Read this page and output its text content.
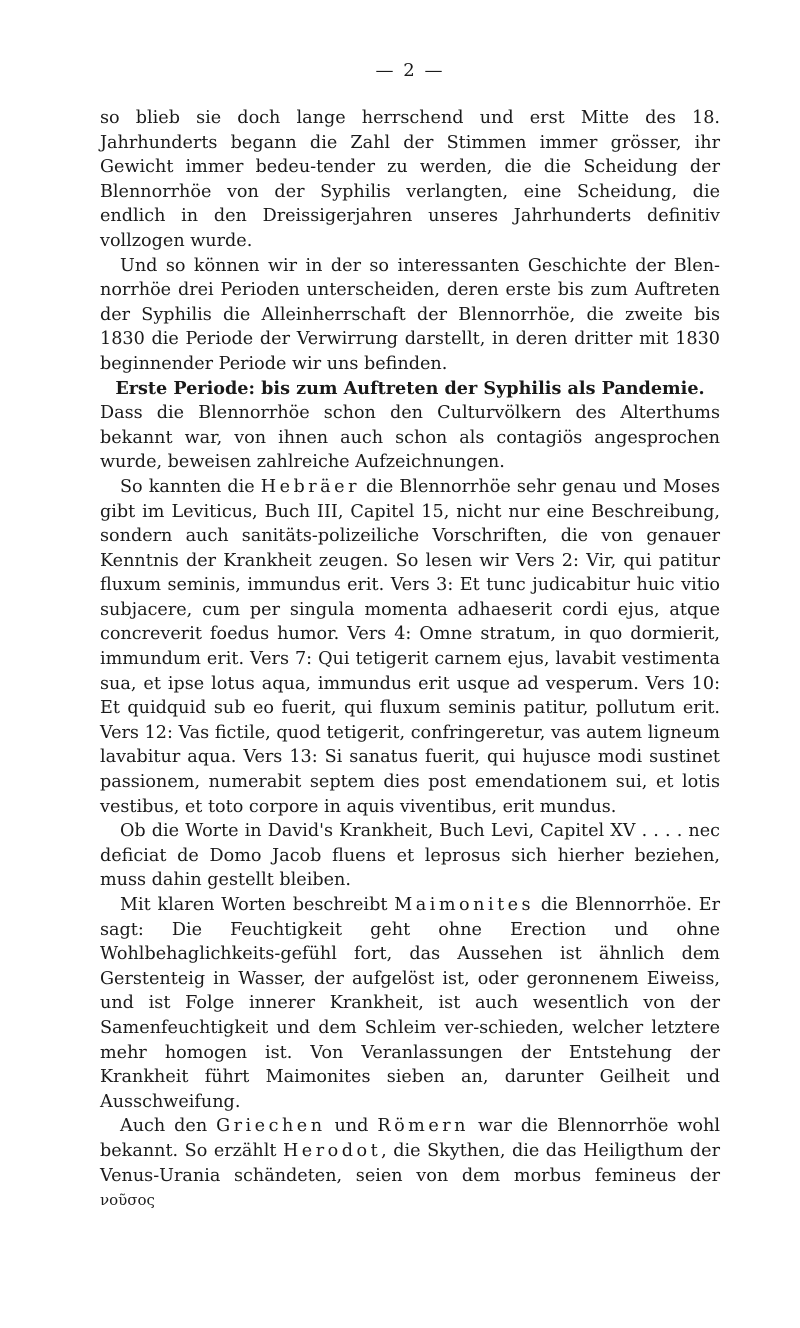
— 2 —

so blieb sie doch lange herrschend und erst Mitte des 18. Jahrhunderts begann die Zahl der Stimmen immer grösser, ihr Gewicht immer bedeu-tender zu werden, die die Scheidung der Blennorrhöe von der Syphilis verlangten, eine Scheidung, die endlich in den Dreissigerjahren unseres Jahrhunderts definitiv vollzogen wurde.

Und so können wir in der so interessanten Geschichte der Blen-norrhöe drei Perioden unterscheiden, deren erste bis zum Auftreten der Syphilis die Alleinherrschaft der Blennorrhöe, die zweite bis 1830 die Periode der Verwirrung darstellt, in deren dritter mit 1830 beginnender Periode wir uns befinden.

Erste Periode: bis zum Auftreten der Syphilis als Pandemie.

Dass die Blennorrhöe schon den Culturvölkern des Alterthums bekannt war, von ihnen auch schon als contagiös angesprochen wurde, beweisen zahlreiche Aufzeichnungen.

So kannten die Hebräer die Blennorrhöe sehr genau und Moses gibt im Leviticus, Buch III, Capitel 15, nicht nur eine Beschreibung, sondern auch sanitäts-polizeiliche Vorschriften, die von genauer Kenntnis der Krankheit zeugen. So lesen wir Vers 2: Vir, qui patitur fluxum seminis, immundus erit. Vers 3: Et tunc judicabitur huic vitio subjacere, cum per singula momenta adhaeserit cordi ejus, atque concreverit foedus humor. Vers 4: Omne stratum, in quo dormierit, immundum erit. Vers 7: Qui tetigerit carnem ejus, lavabit vestimenta sua, et ipse lotus aqua, immundus erit usque ad vesperum. Vers 10: Et quidquid sub eo fuerit, qui fluxum seminis patitur, pollutum erit. Vers 12: Vas fictile, quod tetigerit, confringeretur, vas autem ligneum lavabitur aqua. Vers 13: Si sanatus fuerit, qui hujusce modi sustinet passionem, numerabit septem dies post emendationem sui, et lotis vestibus, et toto corpore in aquis viventibus, erit mundus.

Ob die Worte in David's Krankheit, Buch Levi, Capitel XV . . . . nec deficiat de Domo Jacob fluens et leprosus sich hierher beziehen, muss dahin gestellt bleiben.

Mit klaren Worten beschreibt Maimonites die Blennorrhöe. Er sagt: Die Feuchtigkeit geht ohne Erection und ohne Wohlbehaglichkeits-gefühl fort, das Aussehen ist ähnlich dem Gerstenteig in Wasser, der aufgelöst ist, oder geronnenem Eiweiss, und ist Folge innerer Krankheit, ist auch wesentlich von der Samenfeuchtigkeit und dem Schleim ver-schieden, welcher letztere mehr homogen ist. Von Veranlassungen der Entstehung der Krankheit führt Maimonites sieben an, darunter Geilheit und Ausschweifung.

Auch den Griechen und Römern war die Blennorrhöe wohl bekannt. So erzählt Herodot, die Skythen, die das Heiligthum der Venus-Urania schändeten, seien von dem morbus femineus der νοῦσος
